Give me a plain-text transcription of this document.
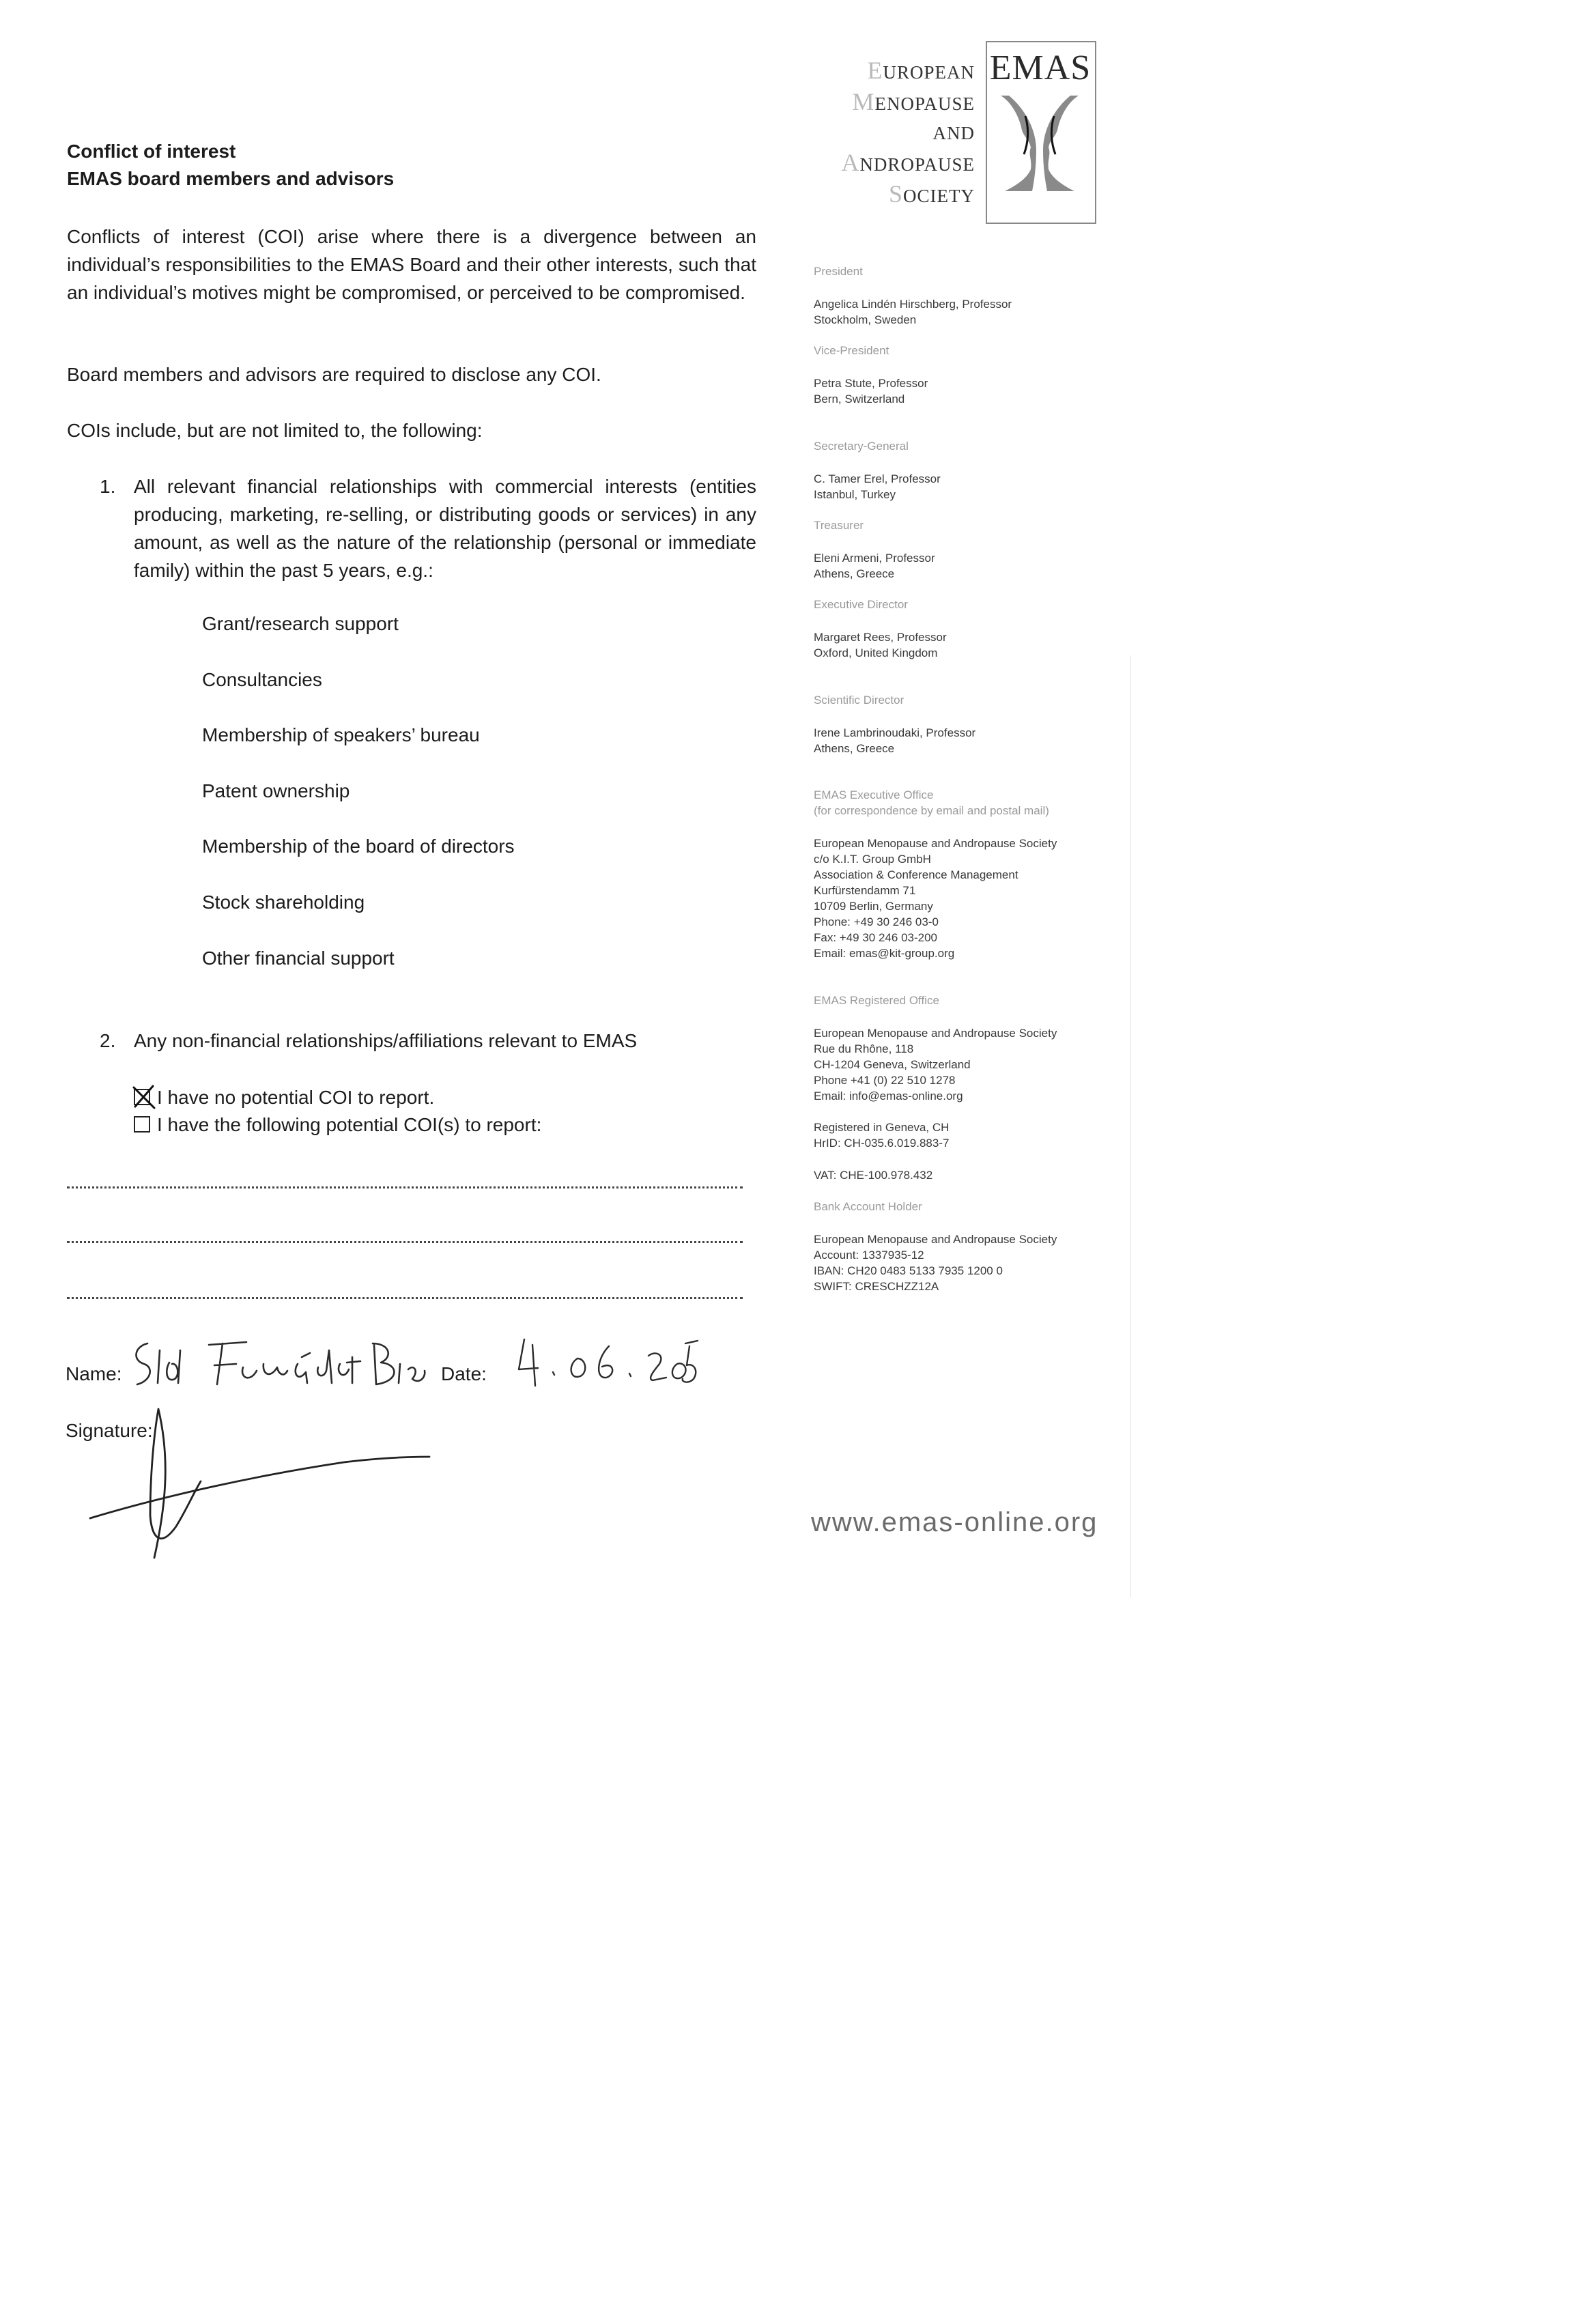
Conflict of interest
EMAS board members and advisors
Conflicts of interest (COI) arise where there is a divergence between an individual’s responsibilities to the EMAS Board and their other interests, such that an individual’s motives might be compromised, or perceived to be compromised.
Board members and advisors are required to disclose any COI.
COIs include, but are not limited to, the following:
1. All relevant financial relationships with commercial interests (entities producing, marketing, re-selling, or distributing goods or services) in any amount, as well as the nature of the relationship (personal or immediate family) within the past 5 years, e.g.:
Grant/research support
Consultancies
Membership of speakers’ bureau
Patent ownership
Membership of the board of directors
Stock shareholding
Other financial support
2. Any non-financial relationships/affiliations relevant to EMAS
I have no potential COI to report.
I have the following potential COI(s) to report:
Name:	Date:
Signature:
EUROPEAN
MENOPAUSE
AND
ANDROPAUSE
SOCIETY
EMAS
President
Angelica Lindén Hirschberg, Professor
Stockholm, Sweden
Vice-President
Petra Stute, Professor
Bern, Switzerland
Secretary-General
C. Tamer Erel, Professor
Istanbul, Turkey
Treasurer
Eleni Armeni, Professor
Athens, Greece
Executive Director
Margaret Rees, Professor
Oxford, United Kingdom
Scientific Director
Irene Lambrinoudaki, Professor
Athens, Greece
EMAS Executive Office
(for correspondence by email and postal mail)
European Menopause and Andropause Society
c/o K.I.T. Group GmbH
Association & Conference Management
Kurfürstendamm 71
10709 Berlin, Germany
Phone: +49 30 246 03-0
Fax: +49 30 246 03-200
Email: emas@kit-group.org
EMAS Registered Office
European Menopause and Andropause Society
Rue du Rhône, 118
CH-1204 Geneva, Switzerland
Phone +41 (0) 22 510 1278
Email: info@emas-online.org
Registered in Geneva, CH
HrID: CH-035.6.019.883-7
VAT: CHE-100.978.432
Bank Account Holder
European Menopause and Andropause Society
Account: 1337935-12
IBAN: CH20 0483 5133 7935 1200 0
SWIFT: CRESCHZZ12A
www.emas-online.org
